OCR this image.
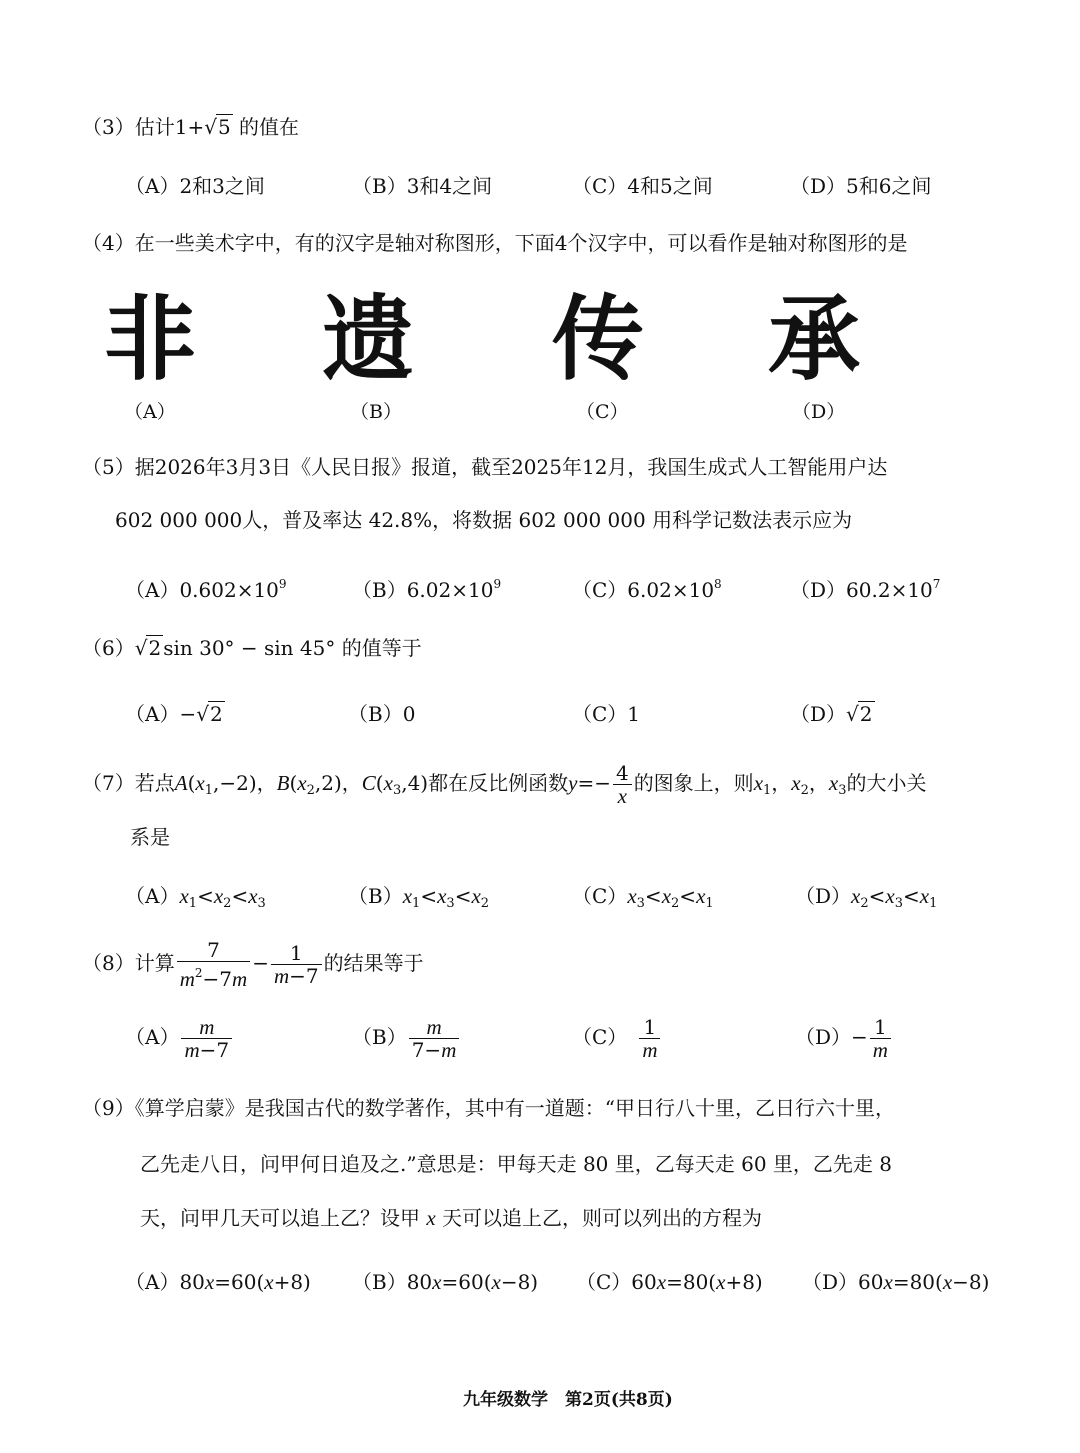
（3）估计1+√5 的值在
（A）2和3之间	（B）3和4之间	（C）4和5之间	（D）5和6之间
（4）在一些美术字中，有的汉字是轴对称图形，下面4个汉字中，可以看作是轴对称图形的是
非 遗 传 承
（A）	（B）	（C）	（D）
（5）据2026年3月3日《人民日报》报道，截至2025年12月，我国生成式人工智能用户达
602 000 000人，普及率达 42.8%，将数据 602 000 000 用科学记数法表示应为
$(A)0.602\times 10^9$	$(B)6.02\times 10^9$	$(C)6.02\times 10^8$	$(D)60.2\times 10^7$
（6）√2 sin 30° − sin 45° 的值等于
（A）−√2	（B）0	（C）1	（D）√2
（7）若点$A(x_1,-2)$，$B(x_2,2)$，$C(x_3,4)$都在反比例函数$y=- \frac{4}{x}$ 的图象上，则$x_1$，$x_2$，$x_3$的大小关
系是
$(A)x_1<x_2<x_3$	$(B)x_1<x_3<x_2$	$(C)x_3<x_2<x_1$	$(D)x_2<x_3<x_1$
（8）计算 $\frac{7}{m^2-7m} - \frac{1}{m-7}$ 的结果等于
$(A) \frac{m}{m-7}$	$(B) \frac{m}{7-m}$	$(C) \frac{1}{m}$	$(D)- \frac{1}{m}$
（9）《算学启蒙》是我国古代的数学著作，其中有一道题：“甲日行八十里，乙日行六十里，
乙先走八日，问甲何日追及之.”意思是：甲每天走 80 里，乙每天走 60 里，乙先走 8
天，问甲几天可以追上乙？设甲 x 天可以追上乙，则可以列出的方程为
（A）80x=60(x+8) （B）80x=60(x−8) （C）60x=80(x+8) （D）60x=80(x−8)
九年级数学　第2页(共8页)
